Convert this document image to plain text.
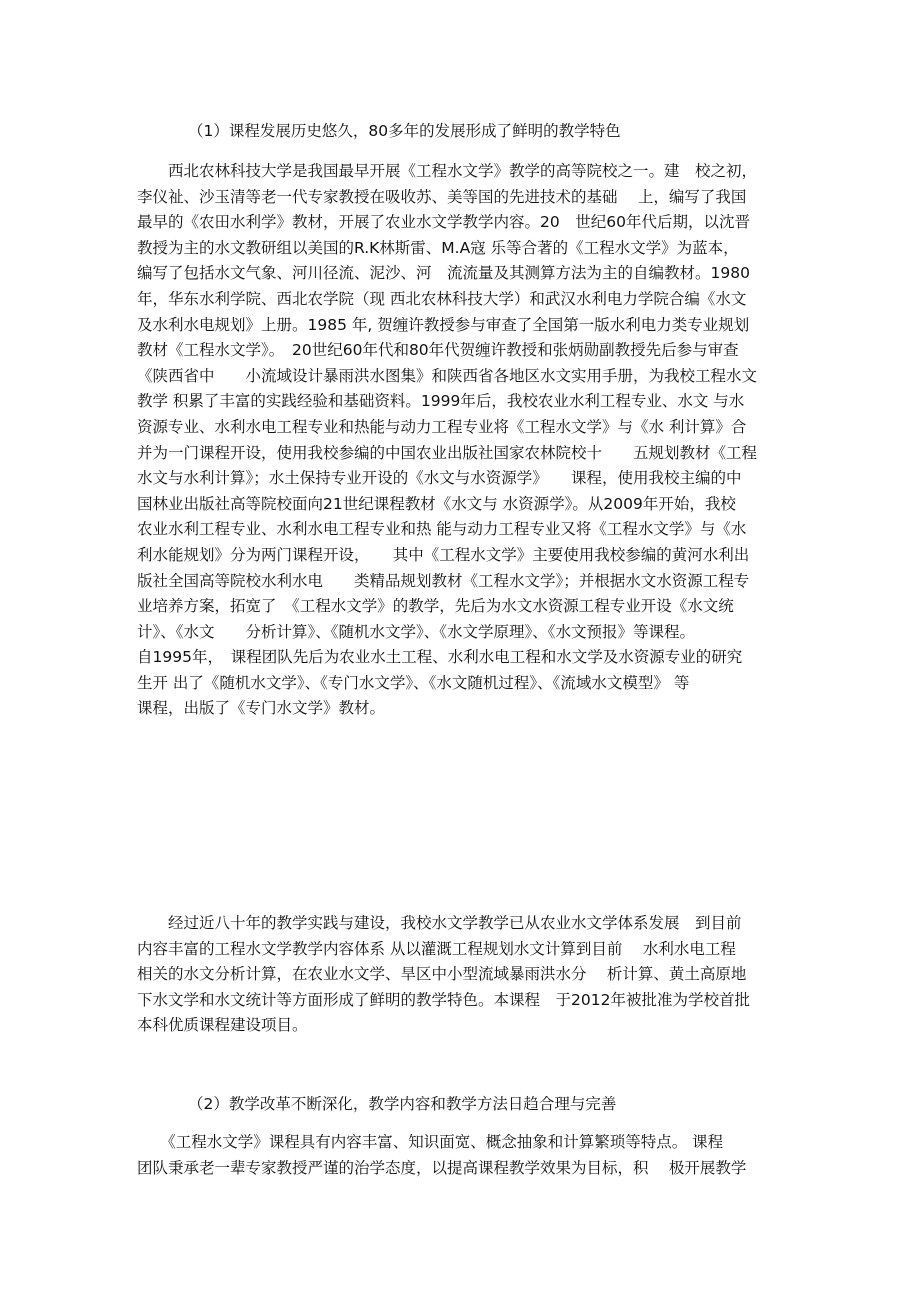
（1）课程发展历史悠久，80多年的发展形成了鲜明的教学特色
　　西北农林科技大学是我国最早开展《工程水文学》教学的高等院校之一。建　校之初，
李仪祉、沙玉清等老一代专家教授在吸收苏、美等国的先进技术的基础　 上，编写了我国
最早的《农田水利学》教材，开展了农业水文学教学内容。20　世纪60年代后期，以沈晋
教授为主的水文教研组以美国的R.K林斯雷、M.A寇 乐等合著的《工程水文学》为蓝本，
编写了包括水文气象、河川径流、泥沙、河　流流量及其测算方法为主的自编教材。1980
年，华东水利学院、西北农学院（现 西北农林科技大学）和武汉水利电力学院合编《水文
及水利水电规划》上册。1985 年, 贺缠许教授参与审查了全国第一版水利电力类专业规划
教材《工程水文学》。　20世纪60年代和80年代贺缠许教授和张炳勋副教授先后参与审查
《陕西省中　　小流域设计暴雨洪水图集》和陕西省各地区水文实用手册，为我校工程水文
教学 积累了丰富的实践经验和基础资料。1999年后，我校农业水利工程专业、水文 与水
资源专业、水利水电工程专业和热能与动力工程专业将《工程水文学》与《水 利计算》合
并为一门课程开设，使用我校参编的中国农业出版社国家农林院校十　　五规划教材《工程
水文与水利计算》；水土保持专业开设的《水文与水资源学》　　课程，使用我校主编的中
国林业出版社高等院校面向21世纪课程教材《水文与 水资源学》。从2009年开始，我校
农业水利工程专业、水利水电工程专业和热 能与动力工程专业又将《工程水文学》与《水
利水能规划》分为两门课程开设，　　其中《工程水文学》主要使用我校参编的黄河水利出
版社全国高等院校水利水电　　类精品规划教材《工程水文学》；并根据水文水资源工程专
业培养方案，拓宽了　《工程水文学》的教学，先后为水文水资源工程专业开设《水文统
计》、《水文　　分析计算》、《随机水文学》、《水文学原理》、《水文预报》等课程。
自1995年，　课程团队先后为农业水土工程、水利水电工程和水文学及水资源专业的研究
生开 出了《随机水文学》、《专门水文学》、《水文随机过程》、《流域水文模型》 等
课程，出版了《专门水文学》教材。
　　经过近八十年的教学实践与建设，我校水文学教学已从农业水文学体系发展　到目前
内容丰富的工程水文学教学内容体系 从以灌溉工程规划水文计算到目前　 水利水电工程
相关的水文分析计算，在农业水文学、旱区中小型流域暴雨洪水分　 析计算、黄土高原地
下水文学和水文统计等方面形成了鲜明的教学特色。本课程　于2012年被批准为学校首批
本科优质课程建设项目。
（2）教学改革不断深化，教学内容和教学方法日趋合理与完善
　　《工程水文学》课程具有内容丰富、知识面宽、概念抽象和计算繁琐等特点。 课程
团队秉承老一辈专家教授严谨的治学态度，以提高课程教学效果为目标，积　 极开展教学
